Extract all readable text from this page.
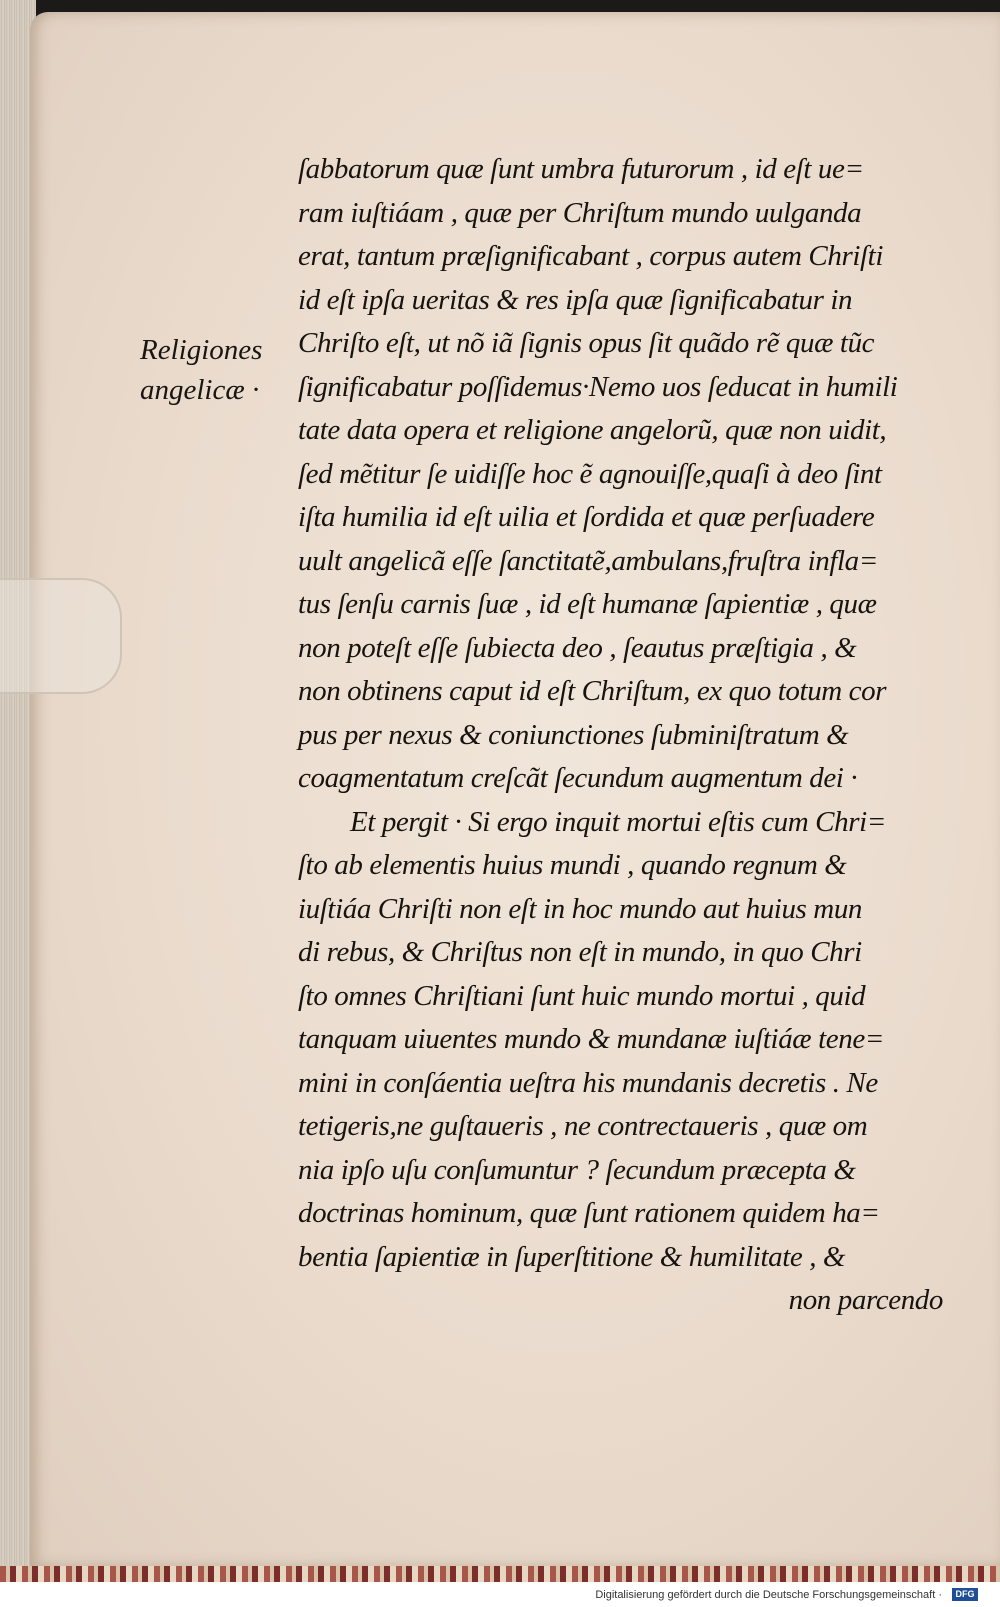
Religiones
angelicæ ·
ſabbatorum quæ ſunt umbra futurorum , id eſt ue=
ram iuſtiáam , quæ per Chriſtum mundo uulganda
erat, tantum præſignificabant , corpus autem Chriſti
id eſt ipſa ueritas & res ipſa quæ ſignificabatur in
Chriſto eſt, ut nõ iã ſignis opus ſit quãdo rẽ quæ tũc
ſignificabatur poſſidemus·Nemo uos ſeducat in humili
tate data opera et religione angelorũ, quæ non uidit,
ſed mẽtitur ſe uidiſſe hoc ẽ agnouiſſe,quaſi à deo ſint
iſta humilia id eſt uilia et ſordida et quæ perſuadere
uult angelicã eſſe ſanctitatẽ,ambulans,fruſtra infla=
tus ſenſu carnis ſuæ , id eſt humanæ ſapientiæ , quæ
non poteſt eſſe ſubiecta deo , ſeautus præſtigia , &
non obtinens caput id eſt Chriſtum, ex quo totum cor
pus per nexus & coniunctiones ſubminiſtratum &
coagmentatum creſcãt ſecundum augmentum dei ·
Et pergit · Si ergo inquit mortui eſtis cum Chri=
ſto ab elementis huius mundi , quando regnum &
iuſtiáa Chriſti non eſt in hoc mundo aut huius mun
di rebus, & Chriſtus non eſt in mundo, in quo Chri
ſto omnes Chriſtiani ſunt huic mundo mortui , quid
tanquam uiuentes mundo & mundanæ iuſtiáæ tene=
mini in conſáentia ueſtra his mundanis decretis . Ne
tetigeris,ne guſtaueris , ne contrectaueris , quæ om
nia ipſo uſu conſumuntur ? ſecundum præcepta &
doctrinas hominum, quæ ſunt rationem quidem ha=
bentia ſapientiæ in ſuperſtitione & humilitate , &
non parcendo
Digitalisierung gefördert durch die Deutsche Forschungsgemeinschaft ·	DFG
